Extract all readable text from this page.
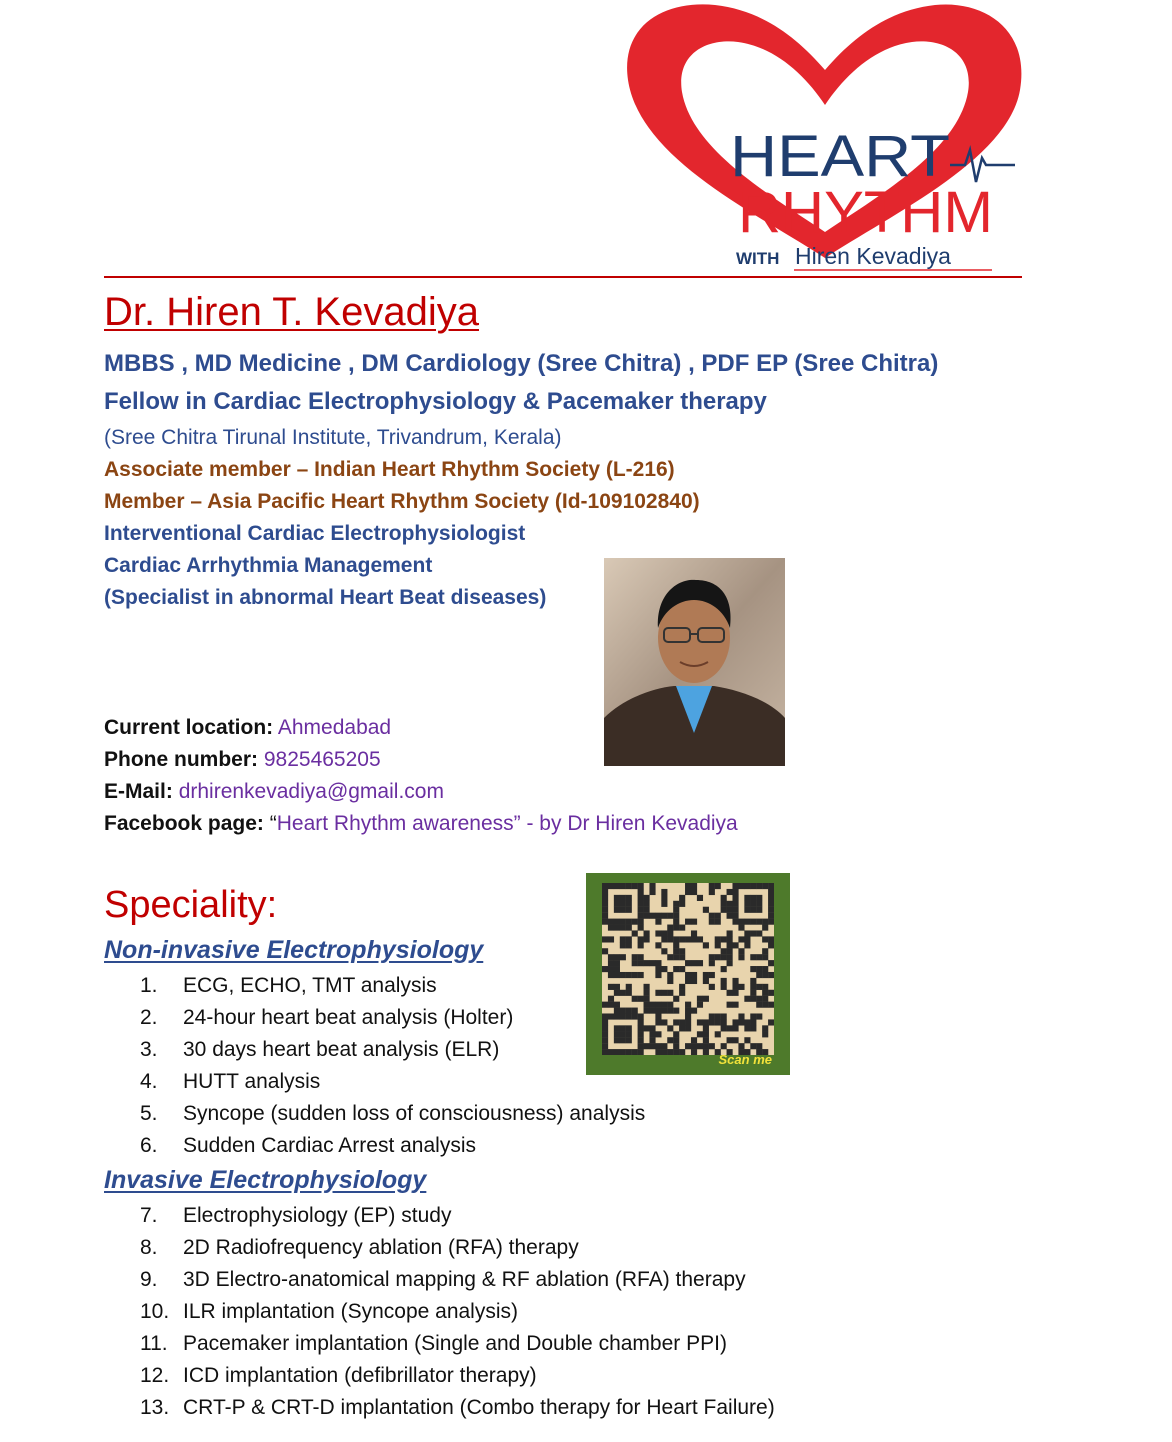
HEART
RHYTHM
WITH Hiren Kevadiya
Dr. Hiren T. Kevadiya
MBBS , MD Medicine , DM Cardiology (Sree Chitra) , PDF EP (Sree Chitra)
Fellow in Cardiac Electrophysiology & Pacemaker therapy
(Sree Chitra Tirunal Institute, Trivandrum, Kerala)
Associate member – Indian Heart Rhythm Society (L-216)
Member – Asia Pacific Heart Rhythm Society (Id-109102840)
Interventional Cardiac Electrophysiologist
Cardiac Arrhythmia Management
(Specialist in abnormal Heart Beat diseases)
Current location: Ahmedabad
Phone number: 9825465205
E-Mail: drhirenkevadiya@gmail.com
Facebook page: “Heart Rhythm awareness” - by Dr Hiren Kevadiya
Scan me
Speciality:
Non-invasive Electrophysiology
1. ECG, ECHO, TMT analysis
2. 24-hour heart beat analysis (Holter)
3. 30 days heart beat analysis (ELR)
4. HUTT analysis
5. Syncope (sudden loss of consciousness) analysis
6. Sudden Cardiac Arrest analysis
Invasive Electrophysiology
7. Electrophysiology (EP) study
8. 2D Radiofrequency ablation (RFA) therapy
9. 3D Electro-anatomical mapping & RF ablation (RFA) therapy
10. ILR implantation (Syncope analysis)
11. Pacemaker implantation (Single and Double chamber PPI)
12. ICD implantation (defibrillator therapy)
13. CRT-P & CRT-D implantation (Combo therapy for Heart Failure)
